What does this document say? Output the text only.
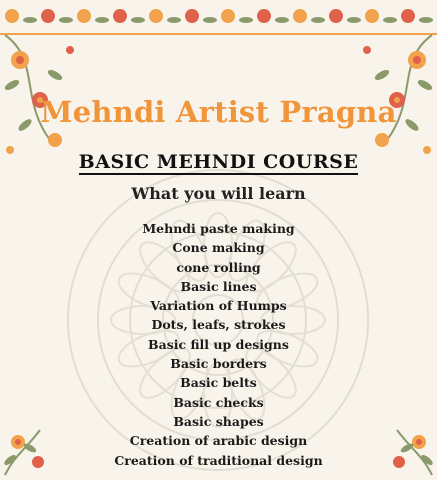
Mehndi Artist Pragna
BASIC MEHNDI COURSE
What you will learn
Mehndi paste making
Cone making
cone rolling
Basic lines
Variation of Humps
Dots, leafs, strokes
Basic fill up designs
Basic borders
Basic belts
Basic checks
Basic shapes
Creation of arabic design
Creation of traditional design
